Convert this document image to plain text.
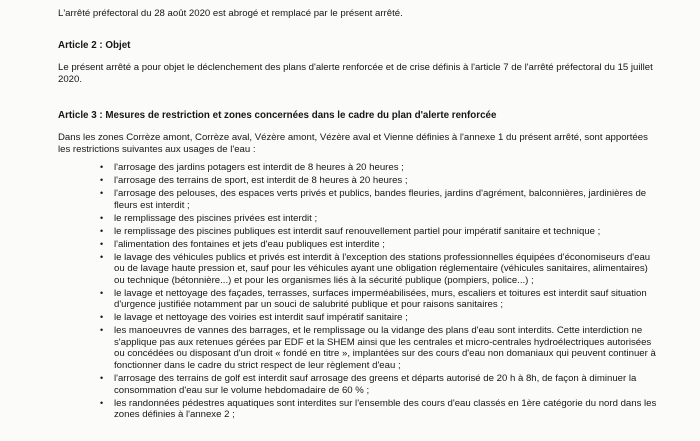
L'arrêté préfectoral du 28 août 2020 est abrogé et remplacé par le présent arrêté.
Article 2 : Objet
Le présent arrêté a pour objet le déclenchement des plans d'alerte renforcée et de crise définis à l'article 7 de l'arrêté préfectoral du 15 juillet 2020.
Article 3 : Mesures de restriction et zones concernées dans le cadre du plan d'alerte renforcée
Dans les zones Corrèze amont, Corrèze aval, Vézère amont, Vézère aval et Vienne définies à l'annexe 1 du présent arrêté, sont apportées les restrictions suivantes aux usages de l'eau :
• l'arrosage des jardins potagers est interdit de 8 heures à 20 heures ;
• l'arrosage des terrains de sport, est interdit de 8 heures à 20 heures ;
• l'arrosage des pelouses, des espaces verts privés et publics, bandes fleuries, jardins d'agrément, balconnières, jardinières de fleurs est interdit ;
• le remplissage des piscines privées est interdit ;
• le remplissage des piscines publiques est interdit sauf renouvellement partiel pour impératif sanitaire et technique ;
• l'alimentation des fontaines et jets d'eau publiques est interdite ;
• le lavage des véhicules publics et privés est interdit à l'exception des stations professionnelles équipées d'économiseurs d'eau ou de lavage haute pression et, sauf pour les véhicules ayant une obligation réglementaire (véhicules sanitaires, alimentaires) ou technique (bétonnière...) et pour les organismes liés à la sécurité publique (pompiers, police...) ;
• le lavage et nettoyage des façades, terrasses, surfaces imperméabilisées, murs, escaliers et toitures est interdit sauf situation d'urgence justifiée notamment par un souci de salubrité publique et pour raisons sanitaires ;
• le lavage et nettoyage des voiries est interdit sauf impératif sanitaire ;
• les manoeuvres de vannes des barrages, et le remplissage ou la vidange des plans d'eau sont interdits. Cette interdiction ne s'applique pas aux retenues gérées par EDF et la SHEM ainsi que les centrales et micro-centrales hydroélectriques autorisées ou concédées ou disposant d'un droit « fondé en titre », implantées sur des cours d'eau non domaniaux qui peuvent continuer à fonctionner dans le cadre du strict respect de leur règlement d'eau ;
• l'arrosage des terrains de golf est interdit sauf arrosage des greens et départs autorisé de 20 h à 8h, de façon à diminuer la consommation d'eau sur le volume hebdomadaire de 60 % ;
• les randonnées pédestres aquatiques sont interdites sur l'ensemble des cours d'eau classés en 1ère catégorie du nord dans les zones définies à l'annexe 2 ;
